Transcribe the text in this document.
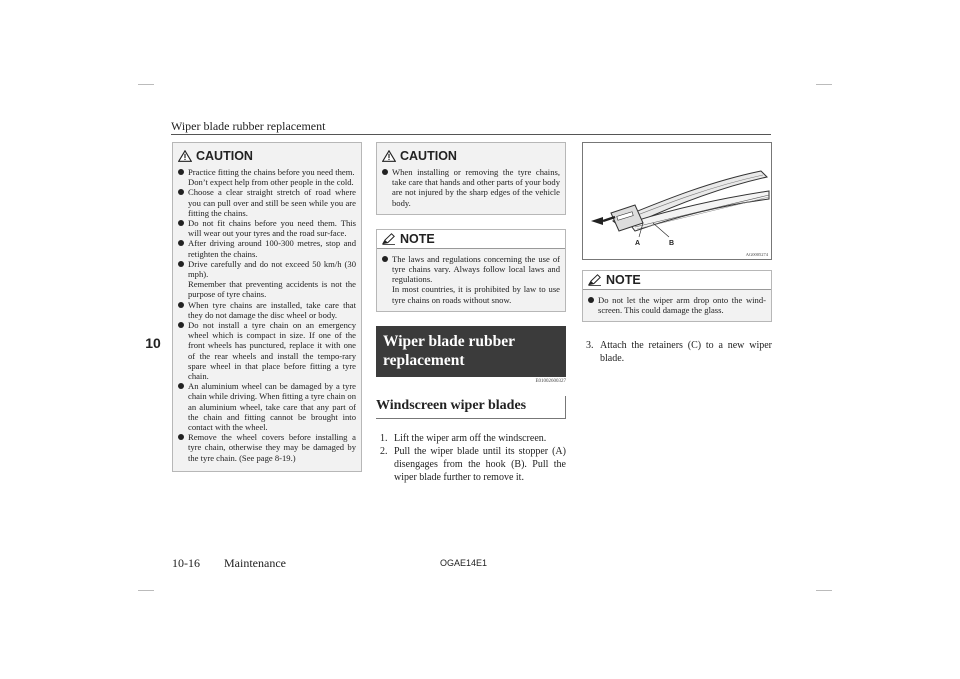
Wiper blade rubber replacement
10
CAUTION
Practice fitting the chains before you need them.
Don’t expect help from other people in the cold.
Choose a clear straight stretch of road where you can pull over and still be seen while you are fitting the chains.
Do not fit chains before you need them. This will wear out your tyres and the road sur-face.
After driving around 100-300 metres, stop and retighten the chains.
Drive carefully and do not exceed 50 km/h (30 mph).
Remember that preventing accidents is not the purpose of tyre chains.
When tyre chains are installed, take care that they do not damage the disc wheel or body.
Do not install a tyre chain on an emergency wheel which is compact in size. If one of the front wheels has punctured, replace it with one of the rear wheels and install the tempo-rary spare wheel in that place before fitting a tyre chain.
An aluminium wheel can be damaged by a tyre chain while driving. When fitting a tyre chain on an aluminium wheel, take care that any part of the chain and fitting cannot be brought into contact with the wheel.
Remove the wheel covers before installing a tyre chain, otherwise they may be damaged by the tyre chain. (See page 8-19.)
CAUTION
When installing or removing the tyre chains, take care that hands and other parts of your body are not injured by the sharp edges of the vehicle body.
NOTE
The laws and regulations concerning the use of tyre chains vary. Always follow local laws and regulations.
In most countries, it is prohibited by law to use tyre chains on roads without snow.
Wiper blade rubber replacement
E01002600327
Windscreen wiper blades
1. Lift the wiper arm off the windscreen.
2. Pull the wiper blade until its stopper (A) disengages from the hook (B). Pull the wiper blade further to remove it.
A	B
AG0005274
NOTE
Do not let the wiper arm drop onto the wind-screen. This could damage the glass.
3. Attach the retainers (C) to a new wiper blade.
10-16 Maintenance	OGAE14E1
